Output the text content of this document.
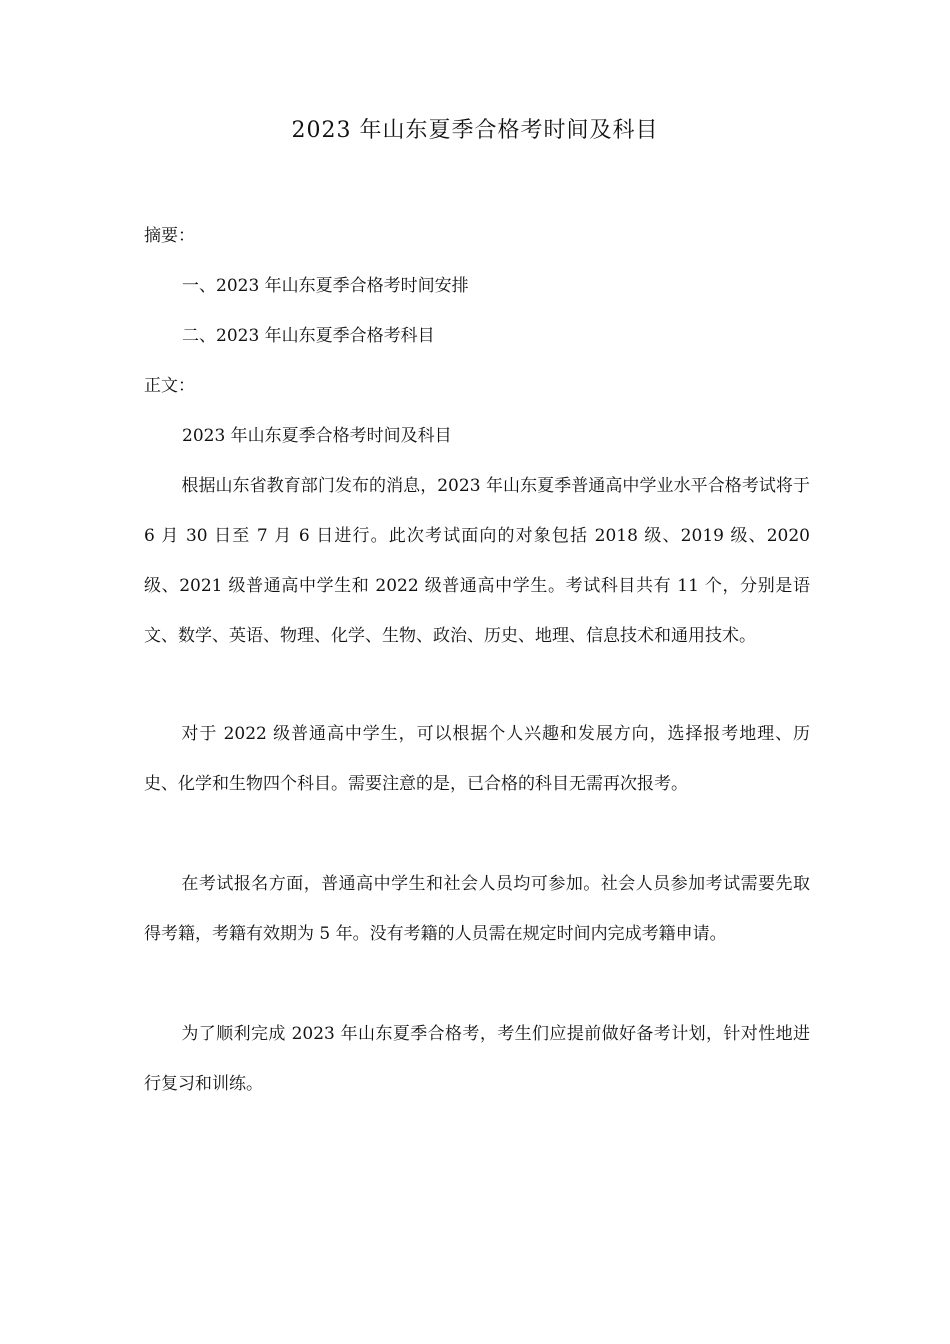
2023 年山东夏季合格考时间及科目

摘要：

一、2023 年山东夏季合格考时间安排

二、2023 年山东夏季合格考科目

正文：

2023 年山东夏季合格考时间及科目

根据山东省教育部门发布的消息，2023 年山东夏季普通高中学业水平合格考试将于 6 月 30 日至 7 月 6 日进行。此次考试面向的对象包括 2018 级、2019 级、2020 级、2021 级普通高中学生和 2022 级普通高中学生。考试科目共有 11 个，分别是语文、数学、英语、物理、化学、生物、政治、历史、地理、信息技术和通用技术。

对于 2022 级普通高中学生，可以根据个人兴趣和发展方向，选择报考地理、历史、化学和生物四个科目。需要注意的是，已合格的科目无需再次报考。

在考试报名方面，普通高中学生和社会人员均可参加。社会人员参加考试需要先取得考籍，考籍有效期为 5 年。没有考籍的人员需在规定时间内完成考籍申请。

为了顺利完成 2023 年山东夏季合格考，考生们应提前做好备考计划，针对性地进行复习和训练。
